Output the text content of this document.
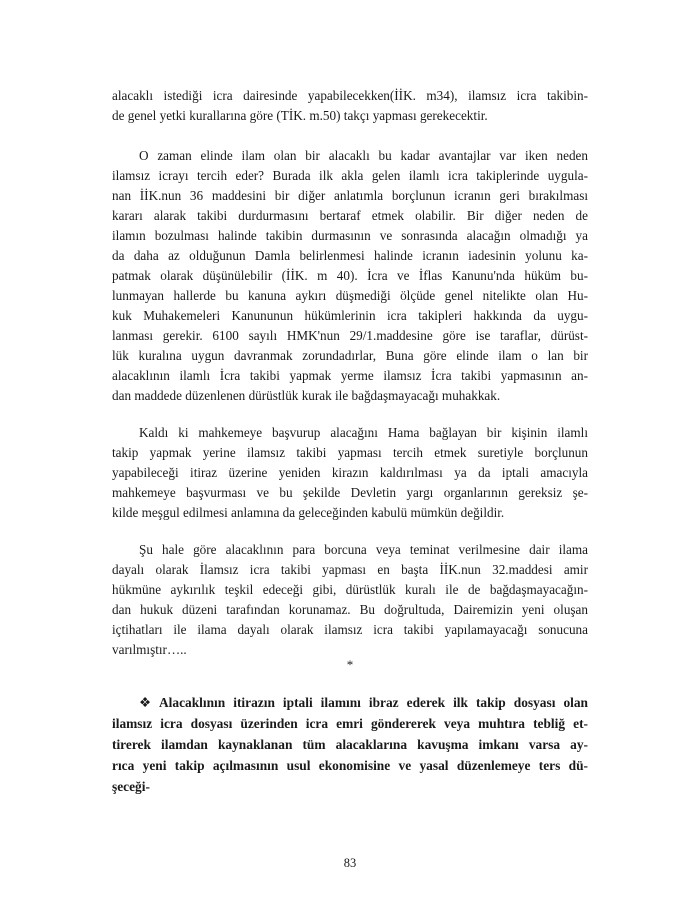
alacaklı istediği icra dairesinde yapabilecekken(İİK. m34), ilamsız icra takibin-
de genel yetki kurallarına göre (TİK. m.50) takçı yapması gerekecektir.
O zaman elinde ilam olan bir alacaklı bu kadar avantajlar var iken neden
ilamsız icrayı tercih eder? Burada ilk akla gelen ilamlı icra takiplerinde uygula-
nan İİK.nun 36 maddesini bir diğer anlatımla borçlunun icranın geri bırakılması
kararı alarak takibi durdurmasını bertaraf etmek olabilir. Bir diğer neden de
ilamın bozulması halinde takibin durmasının ve sonrasında alacağın olmadığı ya
da daha az olduğunun Damla belirlenmesi halinde icranın iadesinin yolunu ka-
patmak olarak düşünülebilir (İİK. m 40). İcra ve İflas Kanunu'nda hüküm bu-
lunmayan hallerde bu kanuna aykırı düşmediği ölçüde genel nitelikte olan Hu-
kuk Muhakemeleri Kanununun hükümlerinin icra takipleri hakkında da uygu-
lanması gerekir. 6100 sayılı HMK'nun 29/1.maddesine göre ise taraflar, dürüst-
lük kuralına uygun davranmak zorundadırlar, Buna göre elinde ilam o lan bir
alacaklının ilamlı İcra takibi yapmak yerme ilamsız İcra takibi yapmasının an-
dan maddede düzenlenen dürüstlük kurak ile bağdaşmayacağı muhakkak.
Kaldı ki mahkemeye başvurup alacağını Hama bağlayan bir kişinin ilamlı
takip yapmak yerine ilamsız takibi yapması tercih etmek suretiyle borçlunun
yapabileceği itiraz üzerine yeniden kirazın kaldırılması ya da iptali amacıyla
mahkemeye başvurması ve bu şekilde Devletin yargı organlarının gereksiz şe-
kilde meşgul edilmesi anlamına da geleceğinden kabulü mümkün değildir.
Şu hale göre alacaklının para borcuna veya teminat verilmesine dair ilama
dayalı olarak İlamsız icra takibi yapması en başta İİK.nun 32.maddesi amir
hükmüne aykırılık teşkil edeceği gibi, dürüstlük kuralı ile de bağdaşmayacağın-
dan hukuk düzeni tarafından korunamaz. Bu doğrultuda, Dairemizin yeni oluşan
içtihatları ile ilama dayalı olarak ilamsız icra takibi yapılamayacağı sonucuna
varılmıştır…..
*
❖ Alacaklının itirazın iptali ilamını ibraz ederek ilk takip dosyası olan
ilamsız icra dosyası üzerinden icra emri göndererek veya muhtıra tebliğ et-
tirerek ilamdan kaynaklanan tüm alacaklarına kavuşma imkanı varsa ay-
rıca yeni takip açılmasının usul ekonomisine ve yasal düzenlemeye ters dü-
şeceği-
83
